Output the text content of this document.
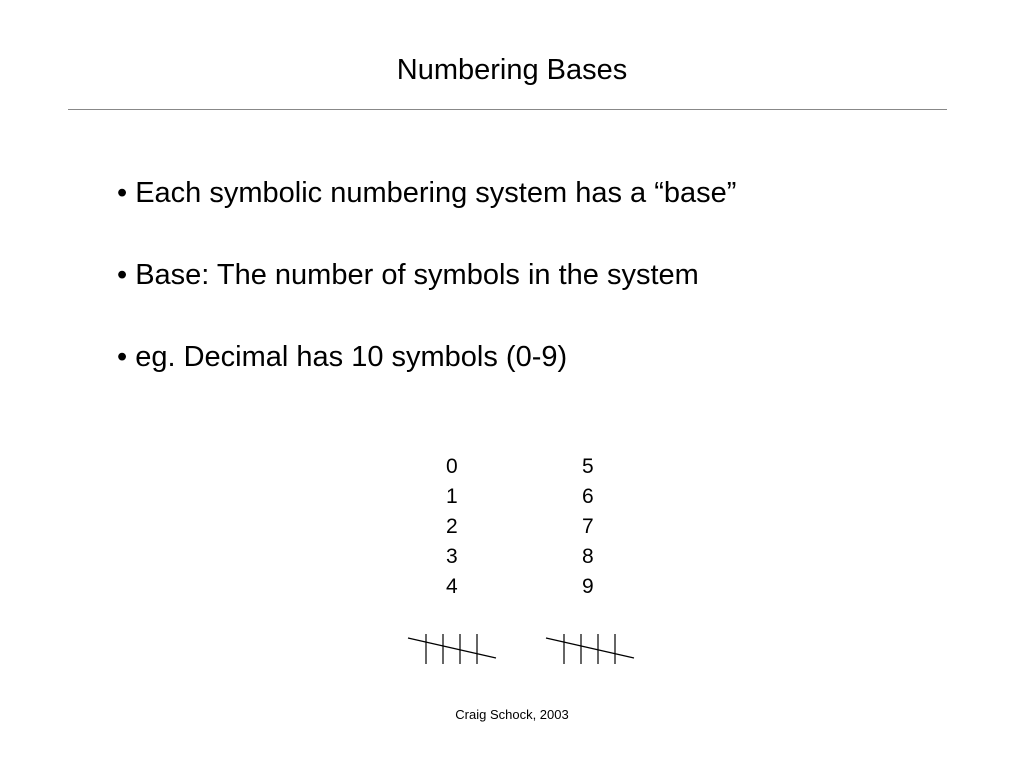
Numbering Bases
• Each symbolic numbering system has a “base”
• Base: The number of symbols in the system
• eg. Decimal has 10 symbols (0-9)
0
1
2
3
4
5
6
7
8
9
Craig Schock, 2003
